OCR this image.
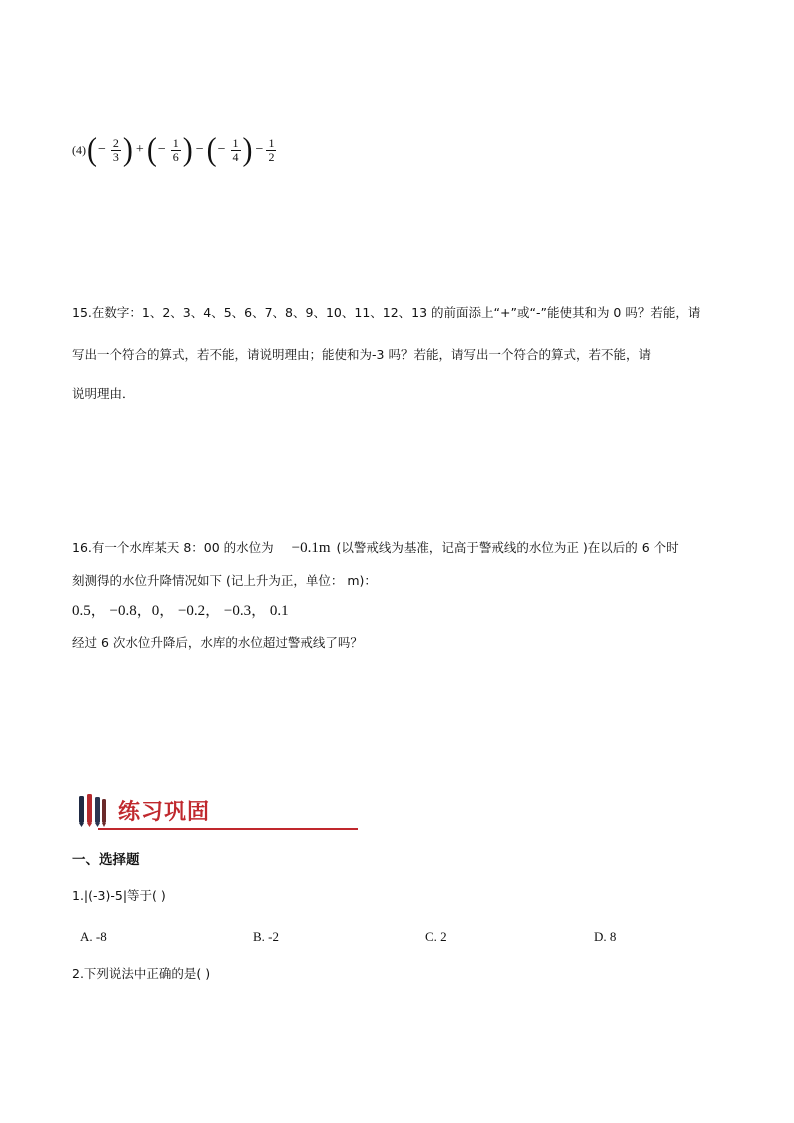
(4) ( − $\frac{2}{3}$ ) + ( − $\frac{1}{6}$ ) − ( − $\frac{1}{4}$ ) − $\frac{1}{2}$
15.在数字：1、2、3、4、5、6、7、8、9、10、11、12、13 的前面添上“+”或“-”能使其和为 0 吗？若能，请
写出一个符合的算式，若不能，请说明理由；能使和为-3 吗？若能，请写出一个符合的算式，若不能，请
说明理由．
16.有一个水库某天 8：00 的水位为 −0.1m (以警戒线为基准，记高于警戒线的水位为正 )在以后的 6 个时
刻测得的水位升降情况如下 (记上升为正，单位： m)：
0.5， −0.8，0， −0.2， −0.3， 0.1
经过 6 次水位升降后，水库的水位超过警戒线了吗？
练习巩固
一、选择题
1.|(-3)-5|等于( )
A. -8	B. -2	C. 2	D. 8
2.下列说法中正确的是( )
